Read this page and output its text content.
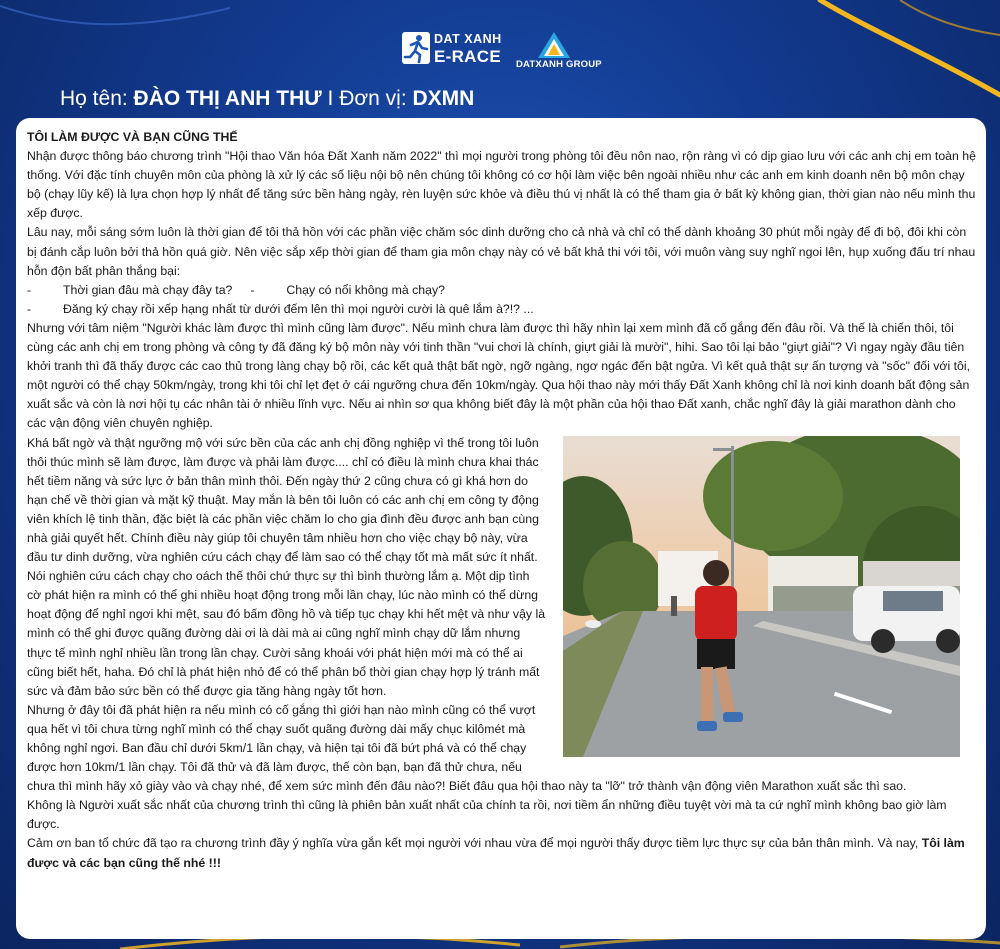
DAT XANH
E-RACE DATXANH GROUP
Họ tên: ĐÀO THỊ ANH THƯ I Đơn vị: DXMN

TÔI LÀM ĐƯỢC VÀ BẠN CŨNG THẾ

Nhận được thông báo chương trình "Hội thao Văn hóa Đất Xanh năm 2022" thì mọi người trong phòng tôi đều nôn nao, rộn ràng vì có dịp giao lưu với các anh chị em toàn hệ thống. Với đặc tính chuyên môn của phòng là xử lý các số liệu nội bộ nên chúng tôi không có cơ hội làm việc bên ngoài nhiều như các anh em kinh doanh nên bộ môn chạy bộ (chạy lũy kế) là lựa chọn hợp lý nhất để tăng sức bền hàng ngày, rèn luyện sức khỏe và điều thú vị nhất là có thể tham gia ở bất kỳ không gian, thời gian nào nếu mình thu xếp được.

Lâu nay, mỗi sáng sớm luôn là thời gian để tôi thả hồn với các phần việc chăm sóc dinh dưỡng cho cả nhà và chỉ có thể dành khoảng 30 phút mỗi ngày để đi bộ, đôi khi còn bị đánh cắp luôn bởi thả hồn quá giờ. Nên việc sắp xếp thời gian để tham gia môn chạy này có vẻ bất khả thi với tôi, với muôn vàng suy nghĩ ngoi lên, hụp xuống đấu trí nhau hỗn độn bất phân thắng bại:

-	Thời gian đâu mà chạy đây ta? -	Chạy có nổi không mà chạy?

-	Đăng ký chạy rồi xếp hạng nhất từ dưới đếm lên thì mọi người cười là quê lắm à?!? ...

Nhưng với tâm niệm "Người khác làm được thì mình cũng làm được". Nếu mình chưa làm được thì hãy nhìn lại xem mình đã cố gắng đến đâu rồi. Và thế là chiến thôi, tôi cùng các anh chị em trong phòng và công ty đã đăng ký bộ môn này với tinh thần "vui chơi là chính, giựt giải là mười", hihi. Sao tôi lại bảo "giựt giải"? Vì ngay ngày đầu tiên khởi tranh thì đã thấy được các cao thủ trong làng chạy bộ rồi, các kết quả thật bất ngờ, ngỡ ngàng, ngơ ngác đến bật ngửa. Vì kết quả thật sự ấn tượng và "sốc" đối với tôi, một người có thể chạy 50km/ngày, trong khi tôi chỉ lẹt đẹt ở cái ngưỡng chưa đến 10km/ngày. Qua hội thao này mới thấy Đất Xanh không chỉ là nơi kinh doanh bất động sản xuất sắc và còn là nơi hội tụ các nhân tài ở nhiều lĩnh vực. Nếu ai nhìn sơ qua không biết đây là một phần của hội thao Đất xanh, chắc nghĩ đây là giải marathon dành cho các vận động viên chuyên nghiệp.

Khá bất ngờ và thật ngưỡng mộ với sức bền của các anh chị đồng nghiệp vì thế trong tôi luôn thôi thúc mình sẽ làm được, làm được và phải làm được.... chỉ có điều là mình chưa khai thác hết tiềm năng và sức lực ở bản thân mình thôi. Đến ngày thứ 2 cũng chưa có gì khá hơn do hạn chế về thời gian và mặt kỹ thuật. May mắn là bên tôi luôn có các anh chị em công ty động viên khích lệ tinh thần, đặc biệt là các phần việc chăm lo cho gia đình đều được anh bạn cùng nhà giải quyết hết. Chính điều này giúp tôi chuyên tâm nhiều hơn cho việc chạy bộ này, vừa đầu tư dinh dưỡng, vừa nghiên cứu cách chạy để làm sao có thể chạy tốt mà mất sức ít nhất. Nói nghiên cứu cách chạy cho oách thế thôi chứ thực sự thì bình thường lắm ạ. Một dịp tình cờ phát hiện ra mình có thể ghi nhiều hoạt động trong mỗi lần chạy, lúc nào mình có thể dừng hoạt động để nghỉ ngơi khi mệt, sau đó bấm đồng hồ và tiếp tục chạy khi hết mệt và như vậy là mình có thể ghi được quãng đường dài ơi là dài mà ai cũng nghĩ mình chạy dữ lắm nhưng thực tế mình nghỉ nhiều lần trong lần chạy. Cười sảng khoái với phát hiện mới mà có thể ai cũng biết hết, haha. Đó chỉ là phát hiện nhỏ để có thể phân bổ thời gian chạy hợp lý tránh mất sức và đảm bảo sức bền có thể được gia tăng hàng ngày tốt hơn.

Nhưng ở đây tôi đã phát hiện ra nếu mình có cố gắng thì giới hạn nào mình cũng có thể vượt qua hết vì tôi chưa từng nghĩ mình có thể chạy suốt quãng đường dài mấy chục kilômét mà không nghỉ ngơi. Ban đầu chỉ dưới 5km/1 lần chạy, và hiện tại tôi đã bứt phá và có thể chạy được hơn 10km/1 lần chạy. Tôi đã thử và đã làm được, thế còn bạn, bạn đã thử chưa, nếu chưa thì mình hãy xỏ giày vào và chạy nhé, để xem sức mình đến đâu nào?! Biết đâu qua hội thao này ta "lỡ" trở thành vận động viên Marathon xuất sắc thì sao.

Không là Người xuất sắc nhất của chương trình thì cũng là phiên bản xuất nhất của chính ta rồi, nơi tiềm ẩn những điều tuyệt vời mà ta cứ nghĩ mình không bao giờ làm được.

Cảm ơn ban tổ chức đã tạo ra chương trình đầy ý nghĩa vừa gắn kết mọi người với nhau vừa để mọi người thấy được tiềm lực thực sự của bản thân mình. Và nay, Tôi làm được và các bạn cũng thế nhé !!!
